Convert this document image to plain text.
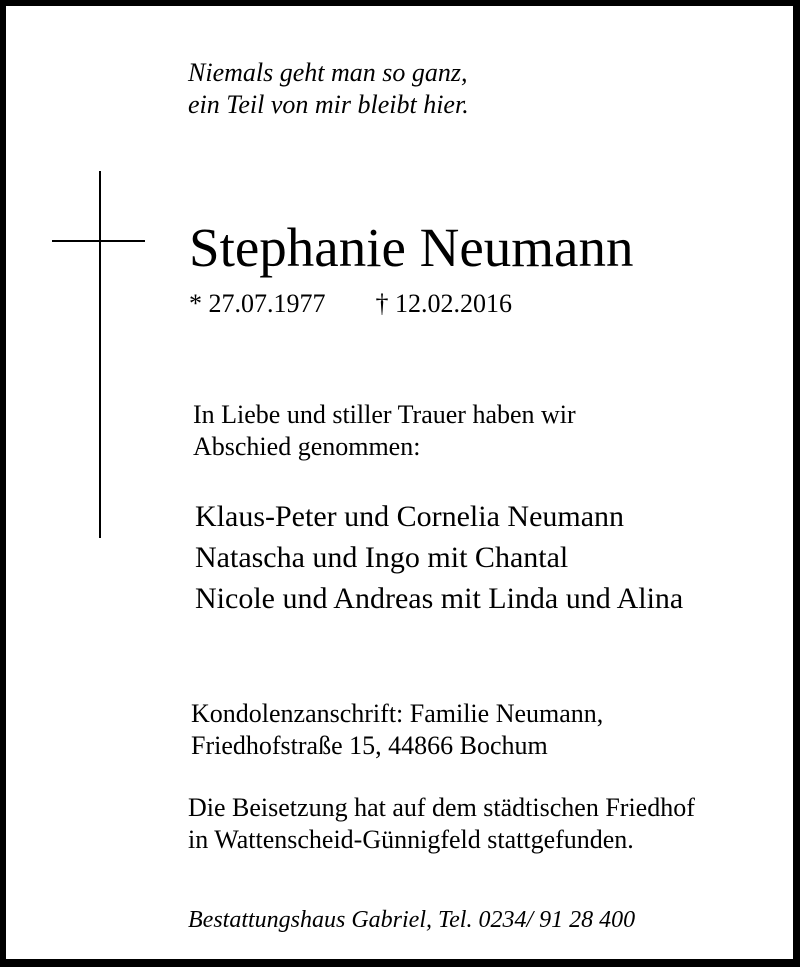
Niemals geht man so ganz,
ein Teil von mir bleibt hier.
Stephanie Neumann
* 27.07.1977 † 12.02.2016
In Liebe und stiller Trauer haben wir
Abschied genommen:
Klaus-Peter und Cornelia Neumann
Natascha und Ingo mit Chantal
Nicole und Andreas mit Linda und Alina
Kondolenzanschrift: Familie Neumann,
Friedhofstraße 15, 44866 Bochum
Die Beisetzung hat auf dem städtischen Friedhof
in Wattenscheid-Günnigfeld stattgefunden.
Bestattungshaus Gabriel, Tel. 0234/ 91 28 400
